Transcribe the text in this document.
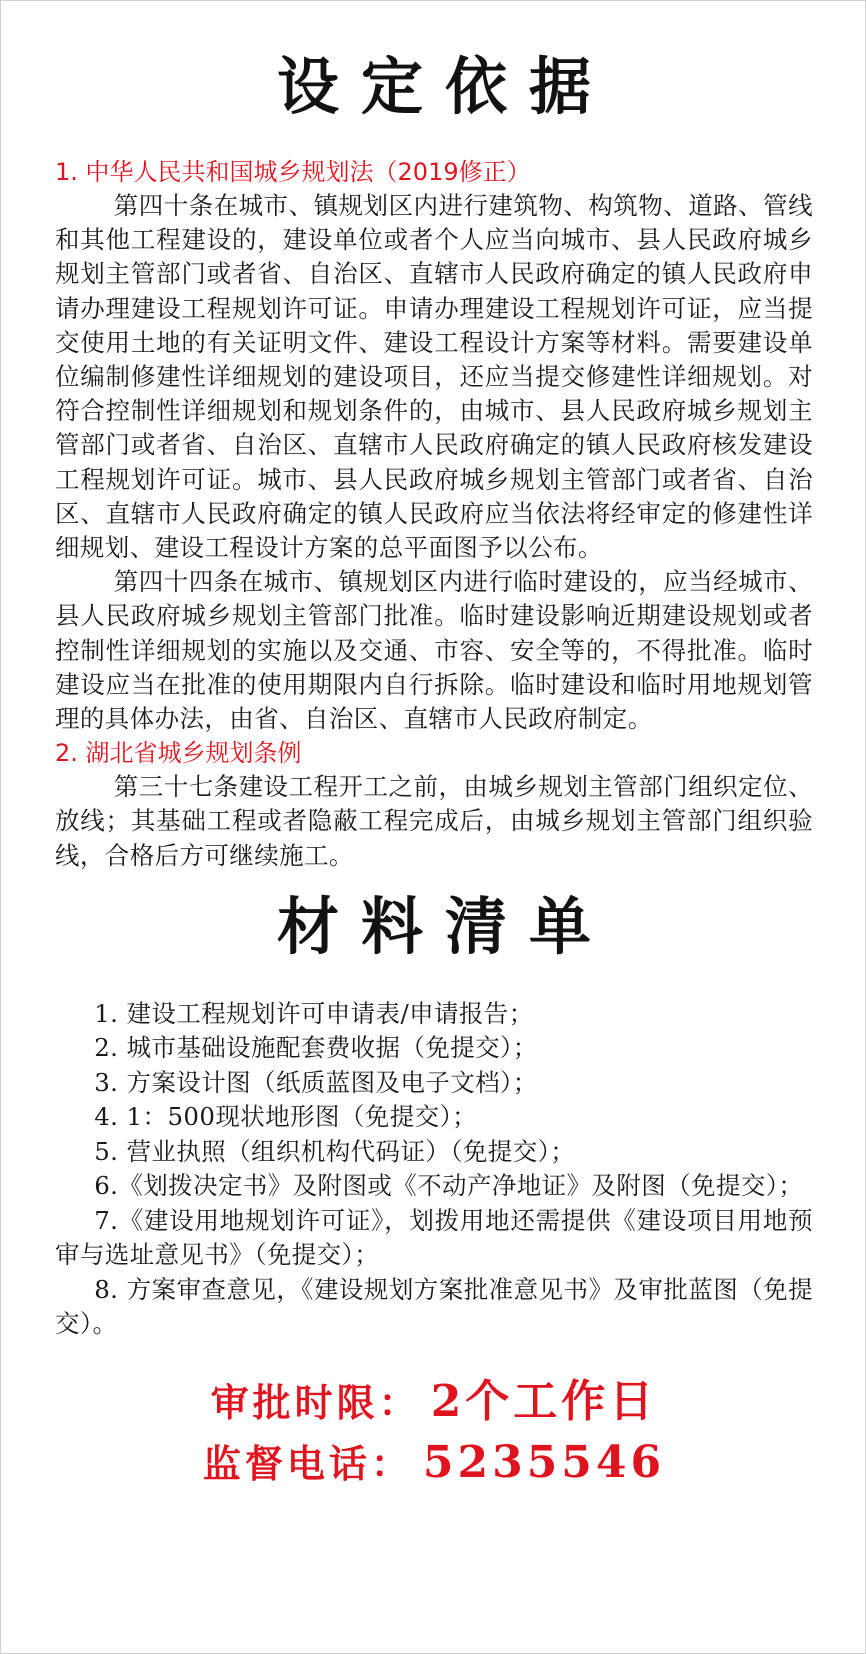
设定依据

1. 中华人民共和国城乡规划法（2019修正）

第四十条在城市、镇规划区内进行建筑物、构筑物、道路、管线和其他工程建设的，建设单位或者个人应当向城市、县人民政府城乡规划主管部门或者省、自治区、直辖市人民政府确定的镇人民政府申请办理建设工程规划许可证。申请办理建设工程规划许可证，应当提交使用土地的有关证明文件、建设工程设计方案等材料。需要建设单位编制修建性详细规划的建设项目，还应当提交修建性详细规划。对符合控制性详细规划和规划条件的，由城市、县人民政府城乡规划主管部门或者省、自治区、直辖市人民政府确定的镇人民政府核发建设工程规划许可证。城市、县人民政府城乡规划主管部门或者省、自治区、直辖市人民政府确定的镇人民政府应当依法将经审定的修建性详细规划、建设工程设计方案的总平面图予以公布。

第四十四条在城市、镇规划区内进行临时建设的，应当经城市、县人民政府城乡规划主管部门批准。临时建设影响近期建设规划或者控制性详细规划的实施以及交通、市容、安全等的，不得批准。临时建设应当在批准的使用期限内自行拆除。临时建设和临时用地规划管理的具体办法，由省、自治区、直辖市人民政府制定。

2. 湖北省城乡规划条例

第三十七条建设工程开工之前，由城乡规划主管部门组织定位、放线；其基础工程或者隐蔽工程完成后，由城乡规划主管部门组织验线，合格后方可继续施工。

材料清单

1. 建设工程规划许可申请表/申请报告；

2. 城市基础设施配套费收据（免提交）；

3. 方案设计图（纸质蓝图及电子文档）；

4. 1：500现状地形图（免提交）；

5. 营业执照（组织机构代码证）（免提交）；

6.《划拨决定书》及附图或《不动产净地证》及附图（免提交）；

7.《建设用地规划许可证》，划拨用地还需提供《建设项目用地预审与选址意见书》（免提交）；

8. 方案审查意见，《建设规划方案批准意见书》及审批蓝图（免提交）。

审批时限： 2个工作日
监督电话： 5235546
